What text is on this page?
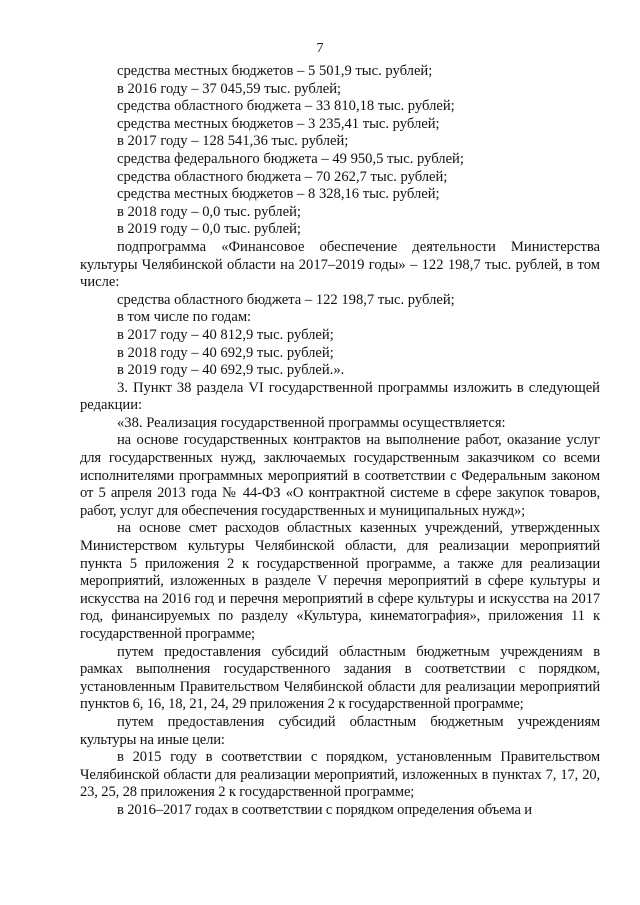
7
средства местных бюджетов – 5 501,9 тыс. рублей;
в 2016 году – 37 045,59 тыс. рублей;
средства областного бюджета – 33 810,18 тыс. рублей;
средства местных бюджетов – 3 235,41 тыс. рублей;
в 2017 году – 128 541,36 тыс. рублей;
средства федерального бюджета – 49 950,5 тыс. рублей;
средства областного бюджета – 70 262,7 тыс. рублей;
средства местных бюджетов – 8 328,16 тыс. рублей;
в 2018 году – 0,0 тыс. рублей;
в 2019 году – 0,0 тыс. рублей;

подпрограмма «Финансовое обеспечение деятельности Министерства культуры Челябинской области на 2017–2019 годы» – 122 198,7 тыс. рублей, в том числе:

средства областного бюджета – 122 198,7 тыс. рублей;
в том числе по годам:
в 2017 году – 40 812,9 тыс. рублей;
в 2018 году – 40 692,9 тыс. рублей;
в 2019 году – 40 692,9 тыс. рублей.».

3. Пункт 38 раздела VI государственной программы изложить в следующей редакции:

«38. Реализация государственной программы осуществляется:

на основе государственных контрактов на выполнение работ, оказание услуг для государственных нужд, заключаемых государственным заказчиком со всеми исполнителями программных мероприятий в соответствии с Федеральным законом от 5 апреля 2013 года № 44-ФЗ «О контрактной системе в сфере закупок товаров, работ, услуг для обеспечения государственных и муниципальных нужд»;

на основе смет расходов областных казенных учреждений, утвержденных Министерством культуры Челябинской области, для реализации мероприятий пункта 5 приложения 2 к государственной программе, а также для реализации мероприятий, изложенных в разделе V перечня мероприятий в сфере культуры и искусства на 2016 год и перечня мероприятий в сфере культуры и искусства на 2017 год, финансируемых по разделу «Культура, кинематография», приложения 11 к государственной программе;

путем предоставления субсидий областным бюджетным учреждениям в рамках выполнения государственного задания в соответствии с порядком, установленным Правительством Челябинской области для реализации мероприятий пунктов 6, 16, 18, 21, 24, 29 приложения 2 к государственной программе;

путем предоставления субсидий областным бюджетным учреждениям культуры на иные цели:

в 2015 году в соответствии с порядком, установленным Правительством Челябинской области для реализации мероприятий, изложенных в пунктах 7, 17, 20, 23, 25, 28 приложения 2 к государственной программе;

в 2016–2017 годах в соответствии с порядком определения объема и
